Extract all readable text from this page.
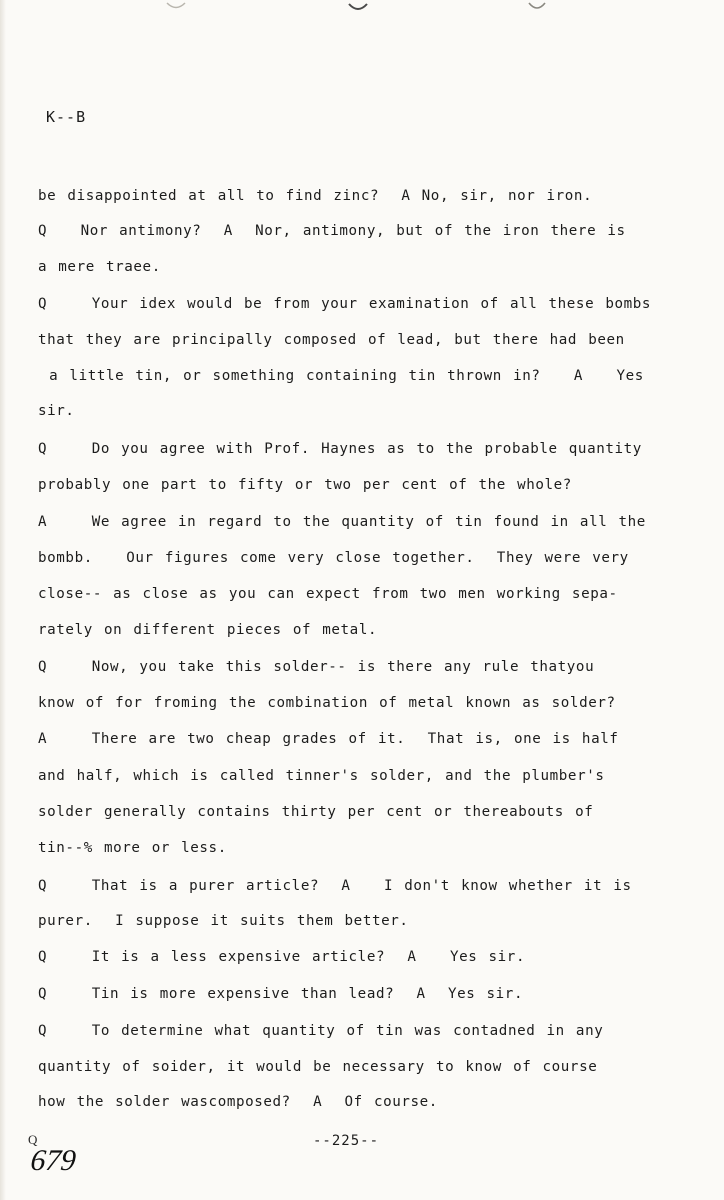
K--B
be disappointed at all to find zinc?  A No, sir, nor iron.
Q   Nor antimony?  A  Nor, antimony, but of the iron there is
a mere traee.
Q    Your idex would be from your examination of all these bombs
that they are principally composed of lead, but there had been
a little tin, or something containing tin thrown in?   A   Yes
sir.
Q    Do you agree with Prof. Haynes as to the probable quantity
probably one part to fifty or two per cent of the whole?
A    We agree in regard to the quantity of tin found in all the
bombb.   Our figures come very close together.  They were very
close-- as close as you can expect from two men working sepa-
rately on different pieces of metal.
Q    Now, you take this solder-- is there any rule thatyou
know of for froming the combination of metal known as solder?
A    There are two cheap grades of it.  That is, one is half
and half, which is called tinner's solder, and the plumber's
solder generally contains thirty per cent or thereabouts of
tin--% more or less.
Q    That is a purer article?  A   I don't know whether it is
purer.  I suppose it suits them better.
Q    It is a less expensive article?  A   Yes sir.
Q    Tin is more expensive than lead?  A  Yes sir.
Q    To determine what quantity of tin was contadned in any
quantity of soider, it would be necessary to know of course
how the solder wascomposed?  A  Of course.
--225--
Q
679
